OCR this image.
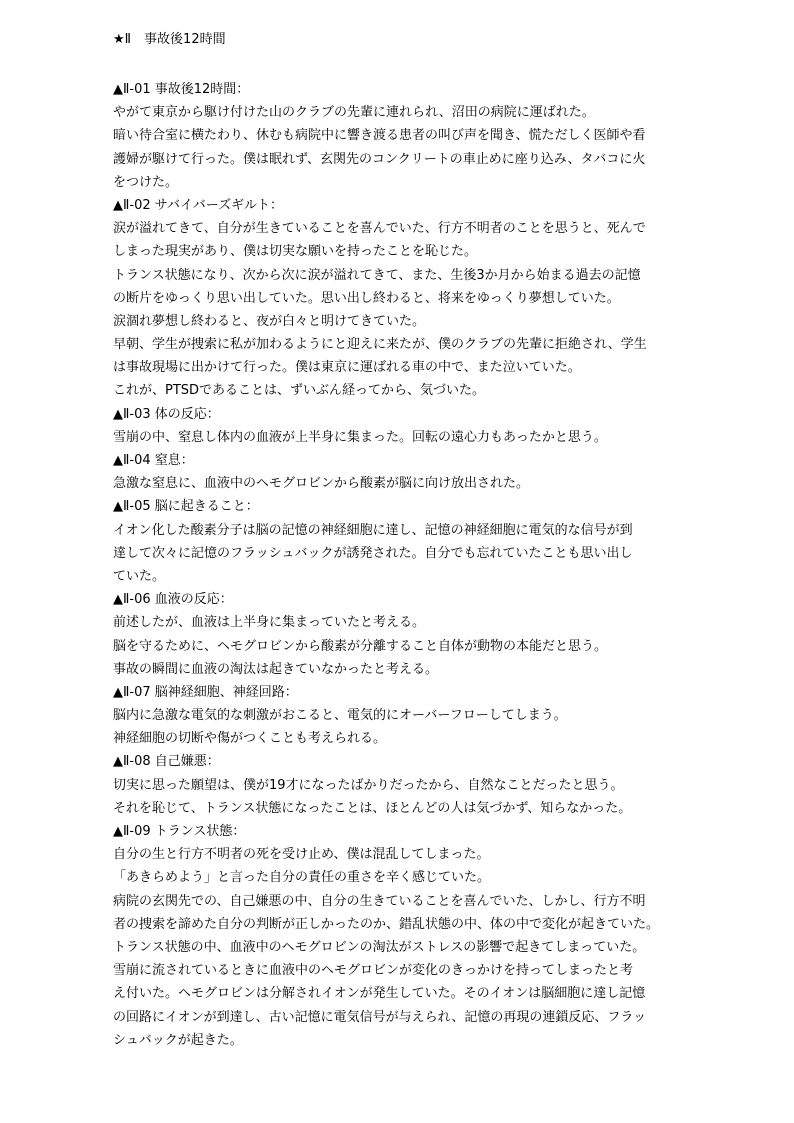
★Ⅱ　事故後12時間
▲Ⅱ-01 事故後12時間：
やがて東京から駆け付けた山のクラブの先輩に連れられ、沼田の病院に運ばれた。
暗い待合室に横たわり、休むも病院中に響き渡る患者の叫び声を聞き、慌ただしく医師や看
護婦が駆けて行った。僕は眠れず、玄関先のコンクリートの車止めに座り込み、タバコに火
をつけた。
▲Ⅱ-02 サバイバーズギルト：
涙が溢れてきて、自分が生きていることを喜んでいた、行方不明者のことを思うと、死んで
しまった現実があり、僕は切実な願いを持ったことを恥じた。
トランス状態になり、次から次に涙が溢れてきて、また、生後3か月から始まる過去の記憶
の断片をゆっくり思い出していた。思い出し終わると、将来をゆっくり夢想していた。
涙涸れ夢想し終わると、夜が白々と明けてきていた。
早朝、学生が捜索に私が加わるようにと迎えに来たが、僕のクラブの先輩に拒絶され、学生
は事故現場に出かけて行った。僕は東京に運ばれる車の中で、また泣いていた。
これが、PTSDであることは、ずいぶん経ってから、気づいた。
▲Ⅱ-03 体の反応：
雪崩の中、窒息し体内の血液が上半身に集まった。回転の遠心力もあったかと思う。
▲Ⅱ-04 窒息：
急激な窒息に、血液中のヘモグロビンから酸素が脳に向け放出された。
▲Ⅱ-05 脳に起きること：
イオン化した酸素分子は脳の記憶の神経細胞に達し、記憶の神経細胞に電気的な信号が到
達して次々に記憶のフラッシュバックが誘発された。自分でも忘れていたことも思い出し
ていた。
▲Ⅱ-06 血液の反応：
前述したが、血液は上半身に集まっていたと考える。
脳を守るために、ヘモグロビンから酸素が分離すること自体が動物の本能だと思う。
事故の瞬間に血液の淘汰は起きていなかったと考える。
▲Ⅱ-07 脳神経細胞、神経回路：
脳内に急激な電気的な刺激がおこると、電気的にオーバーフローしてしまう。
神経細胞の切断や傷がつくことも考えられる。
▲Ⅱ-08 自己嫌悪：
切実に思った願望は、僕が19才になったばかりだったから、自然なことだったと思う。
それを恥じて、トランス状態になったことは、ほとんどの人は気づかず、知らなかった。
▲Ⅱ-09 トランス状態：
自分の生と行方不明者の死を受け止め、僕は混乱してしまった。
「あきらめよう」と言った自分の責任の重さを辛く感じていた。
病院の玄関先での、自己嫌悪の中、自分の生きていることを喜んでいた、しかし、行方不明
者の捜索を諦めた自分の判断が正しかったのか、錯乱状態の中、体の中で変化が起きていた。
トランス状態の中、血液中のヘモグロビンの淘汰がストレスの影響で起きてしまっていた。
雪崩に流されているときに血液中のヘモグロビンが変化のきっかけを持ってしまったと考
え付いた。ヘモグロビンは分解されイオンが発生していた。そのイオンは脳細胞に達し記憶
の回路にイオンが到達し、古い記憶に電気信号が与えられ、記憶の再現の連鎖反応、フラッ
シュバックが起きた。
